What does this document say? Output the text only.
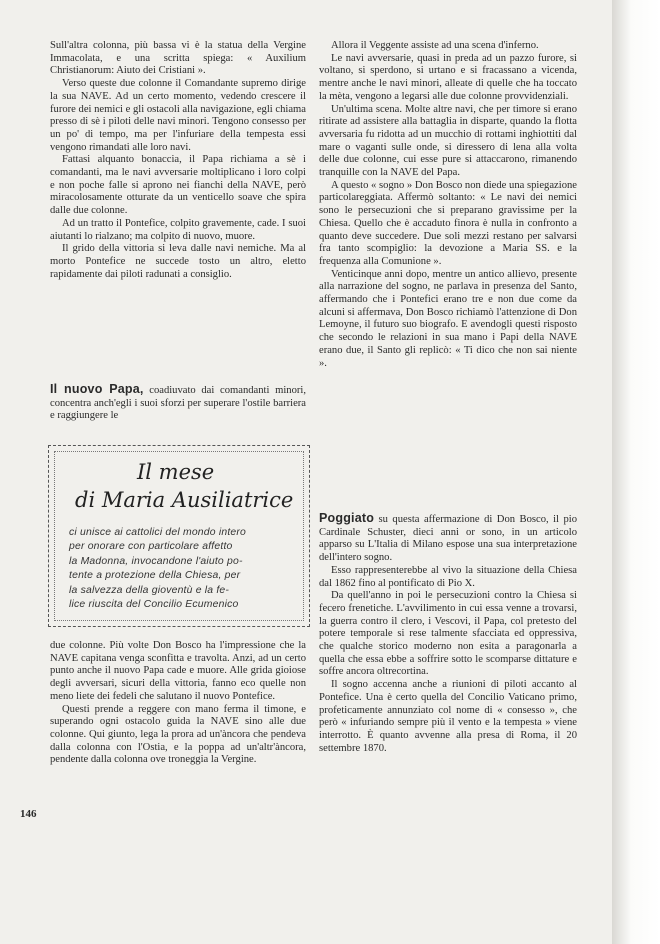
Sull'altra colonna, più bassa vi è la statua della Vergine Immacolata, e una scritta spiega: « Auxilium Christianorum: Aiuto dei Cristiani ».

Verso queste due colonne il Comandante supremo dirige la sua NAVE. Ad un certo momento, vedendo crescere il furore dei nemici e gli ostacoli alla navigazione, egli chiama presso di sè i piloti delle navi minori. Tengono consesso per un po' di tempo, ma per l'infuriare della tempesta essi vengono rimandati alle loro navi.

Fattasi alquanto bonaccia, il Papa richiama a sè i comandanti, ma le navi avversarie moltiplicano i loro colpi e non poche falle si aprono nei fianchi della NAVE, però miracolosamente otturate da un venticello soave che spira dalle due colonne.

Ad un tratto il Pontefice, colpito gravemente, cade. I suoi aiutanti lo rialzano; ma colpito di nuovo, muore.

Il grido della vittoria si leva dalle navi nemiche. Ma al morto Pontefice ne succede tosto un altro, eletto rapidamente dai piloti radunati a consiglio.

Il nuovo Papa, coadiuvato dai comandanti minori, concentra anch'egli i suoi sforzi per superare l'ostile barriera e raggiungere le

Il mese
di Maria Ausiliatrice
ci unisce ai cattolici del mondo intero
per onorare con particolare affetto
la Madonna, invocandone l'aiuto po-
tente a protezione della Chiesa, per
la salvezza della gioventù e la fe-
lice riuscita del Concilio Ecumenico

due colonne. Più volte Don Bosco ha l'impressione che la NAVE capitana venga sconfitta e travolta. Anzi, ad un certo punto anche il nuovo Papa cade e muore. Alle grida gioiose degli avversari, sicuri della vittoria, fanno eco quelle non meno liete dei fedeli che salutano il nuovo Pontefice.

Questi prende a reggere con mano ferma il timone, e superando ogni ostacolo guida la NAVE sino alle due colonne. Qui giunto, lega la prora ad un'àncora che pendeva dalla colonna con l'Ostia, e la poppa ad un'altr'àncora, pendente dalla colonna ove troneggia la Vergine.

146

Allora il Veggente assiste ad una scena d'inferno.

Le navi avversarie, quasi in preda ad un pazzo furore, si voltano, si sperdono, si urtano e si fracassano a vicenda, mentre anche le navi minori, alleate di quelle che ha toccato la mèta, vengono a legarsi alle due colonne provvidenziali.

Un'ultima scena. Molte altre navi, che per timore si erano ritirate ad assistere alla battaglia in disparte, quando la flotta avversaria fu ridotta ad un mucchio di rottami inghiottiti dal mare o vaganti sulle onde, si diressero di lena alla volta delle due colonne, cui esse pure si attaccarono, rimanendo tranquille con la NAVE del Papa.

A questo « sogno » Don Bosco non diede una spiegazione particolareggiata. Affermò soltanto: « Le navi dei nemici sono le persecuzioni che si preparano gravissime per la Chiesa. Quello che è accaduto finora è nulla in confronto a quanto deve succedere. Due soli mezzi restano per salvarsi fra tanto scompiglio: la devozione a Maria SS. e la frequenza alla Comunione ».

Venticinque anni dopo, mentre un antico allievo, presente alla narrazione del sogno, ne parlava in presenza del Santo, affermando che i Pontefici erano tre e non due come da alcuni si affermava, Don Bosco richiamò l'attenzione di Don Lemoyne, il futuro suo biografo. E avendogli questi risposto che secondo le relazioni in sua mano i Papi della NAVE erano due, il Santo gli replicò: « Ti dico che non sai niente ».

Poggiato su questa affermazione di Don Bosco, il pio Cardinale Schuster, dieci anni or sono, in un articolo apparso su L'Italia di Milano espose una sua interpretazione dell'intero sogno.

Esso rappresenterebbe al vivo la situazione della Chiesa dal 1862 fino al pontificato di Pio X.

Da quell'anno in poi le persecuzioni contro la Chiesa si fecero frenetiche. L'avvilimento in cui essa venne a trovarsi, la guerra contro il clero, i Vescovi, il Papa, col pretesto del potere temporale si rese talmente sfacciata ed oppressiva, che qualche storico moderno non esita a paragonarla a quella che essa ebbe a soffrire sotto le scomparse dittature e soffre ancora oltrecortina.

Il sogno accenna anche a riunioni di piloti accanto al Pontefice. Una è certo quella del Concilio Vaticano primo, profeticamente annunziato col nome di « consesso », che però « infuriando sempre più il vento e la tempesta » viene interrotto. È quanto avvenne alla presa di Roma, il 20 settembre 1870.
